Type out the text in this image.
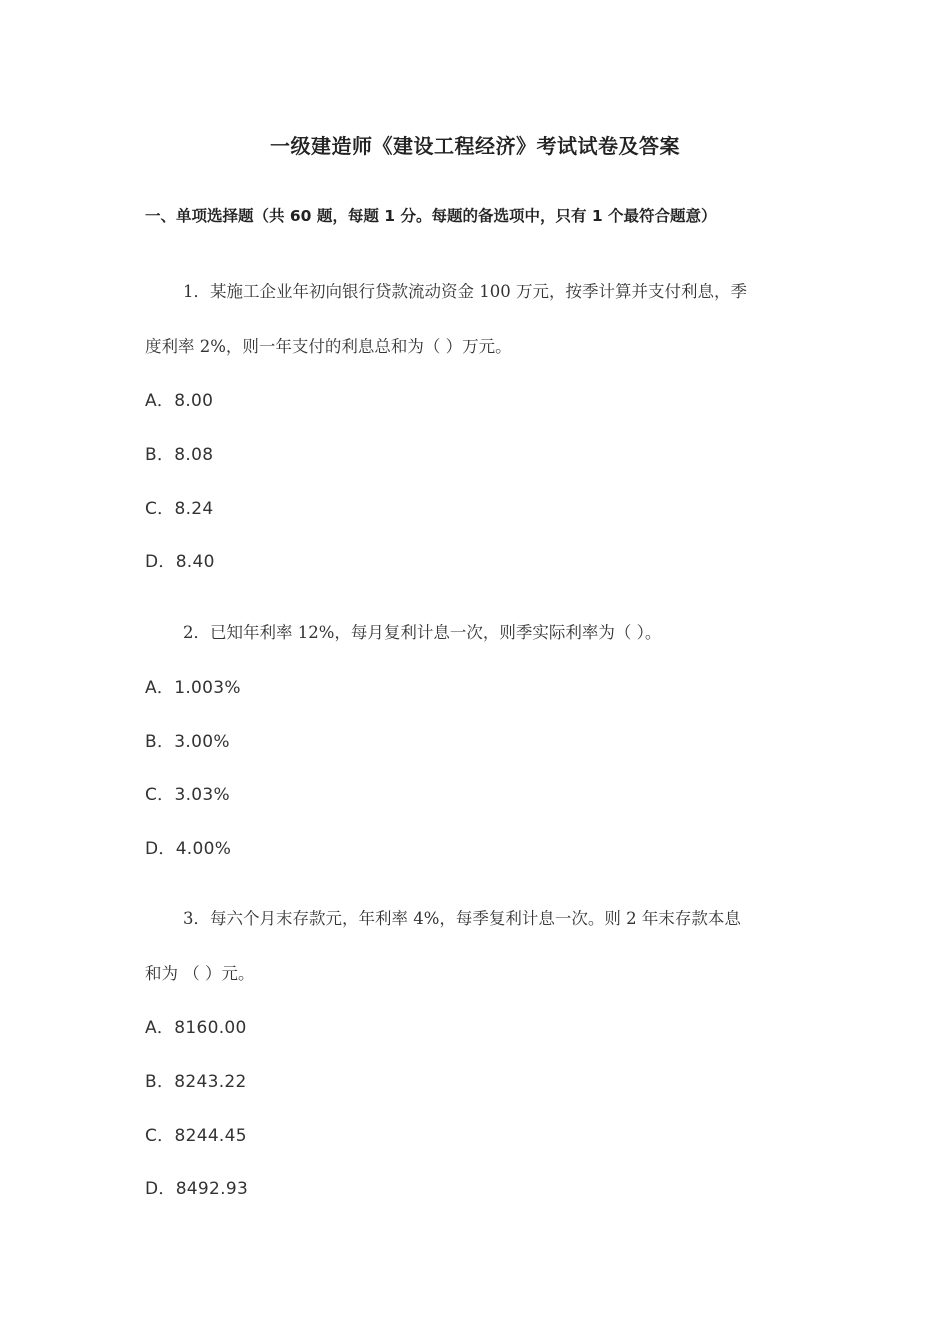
一级建造师《建设工程经济》考试试卷及答案
一、单项选择题（共 60 题，每题 1 分。每题的备选项中，只有 1 个最符合题意）
1．某施工企业年初向银行贷款流动资金 100 万元，按季计算并支付利息，季
度利率 2%，则一年支付的利息总和为（ ）万元。
A．8.00
B．8.08
C．8.24
D．8.40
2．已知年利率 12%，每月复利计息一次，则季实际利率为（ ）。
A．1.003%
B．3.00%
C．3.03%
D．4.00%
3．每六个月末存款元，年利率 4%，每季复利计息一次。则 2 年末存款本息
和为 （ ）元。
A．8160.00
B．8243.22
C．8244.45
D．8492.93
